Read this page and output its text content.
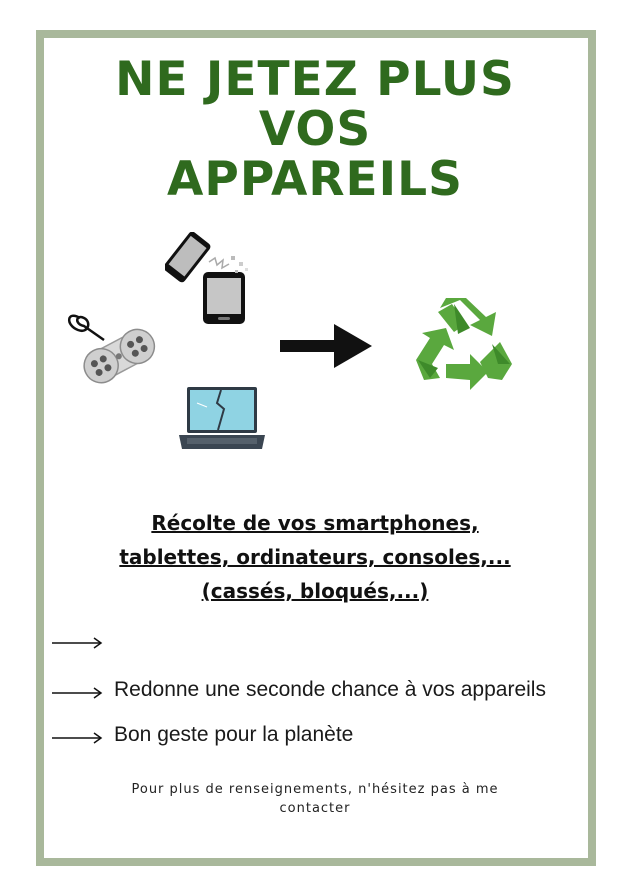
NE JETEZ PLUS
VOS
APPAREILS
Récolte de vos smartphones,
tablettes, ordinateurs, consoles,...
(cassés, bloqués,...)
Redonne une seconde chance à vos appareils
Bon geste pour la planète
Pour plus de renseignements, n'hésitez pas à me
contacter
